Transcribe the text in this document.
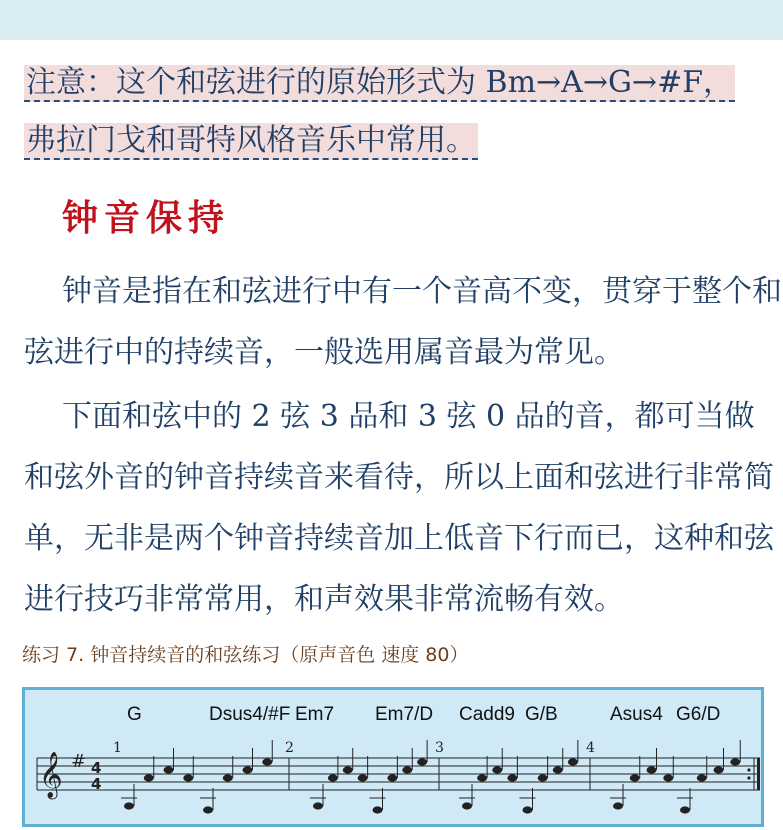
注意：这个和弦进行的原始形式为 Bm→A→G→#F，
弗拉门戈和哥特风格音乐中常用。
钟音保持

钟音是指在和弦进行中有一个音高不变，贯穿于整个和弦进行中的持续音，一般选用属音最为常见。

下面和弦中的 2 弦 3 品和 3 弦 0 品的音，都可当做和弦外音的钟音持续音来看待，所以上面和弦进行非常简单，无非是两个钟音持续音加上低音下行而已，这种和弦进行技巧非常常用，和声效果非常流畅有效。

练习 7. 钟音持续音的和弦练习（原声音色 速度 80）
G	Dsus4/#F Em7 Em7/D Cadd9 G/B	Asus4 G6/D
𝄞 # 4
4
1	2	3	4
